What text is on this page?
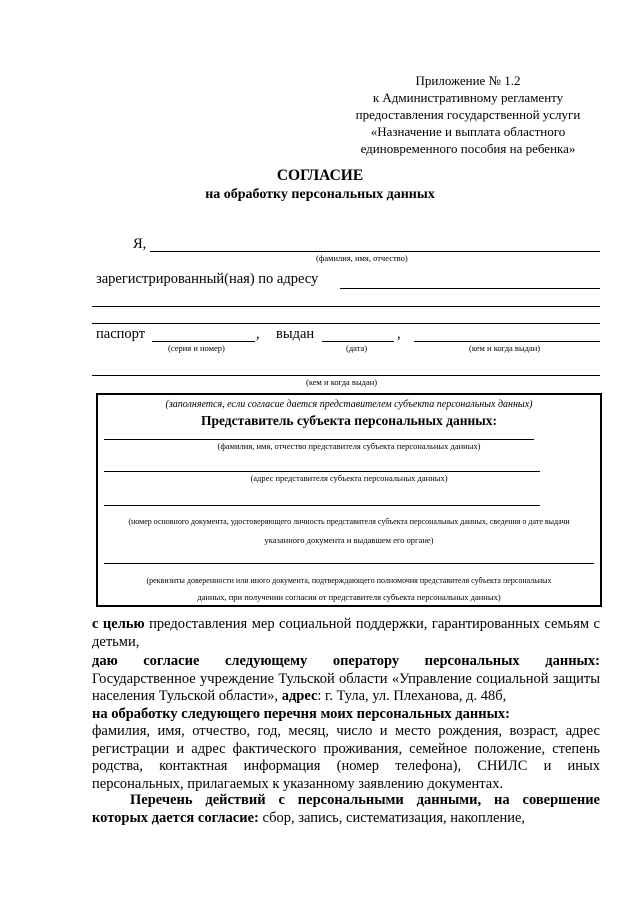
Приложение № 1.2
к Административному регламенту
предоставления государственной услуги
«Назначение и выплата областного
единовременного пособия на ребенка»
СОГЛАСИЕ
на обработку персональных данных
Я,
(фамилия, имя, отчество)
зарегистрированный(ная) по адресу
паспорт	, выдан	,
(серия и номер)	(дата)	(кем и когда выдан)
(кем и когда выдан)
(заполняется, если согласие дается представителем субъекта персональных данных)
Представитель субъекта персональных данных:
(фамилия, имя, отчество представителя субъекта персональных данных)
(адрес представителя субъекта персональных данных)
(номер основного документа, удостоверяющего личность представителя субъекта персональных данных, сведения о дате выдачи
указанного документа и выдавшем его органе)
(реквизиты доверенности или иного документа, подтверждающего полномочия представителя субъекта персональных
данных, при получении согласия от представителя субъекта персональных данных)
с целью предоставления мер социальной поддержки, гарантированных семьям с детьми,
даю согласие следующему оператору персональных данных:
Государственное учреждение Тульской области «Управление социальной защиты населения Тульской области», адрес: г. Тула, ул. Плеханова, д. 48б,
на обработку следующего перечня моих персональных данных:
фамилия, имя, отчество, год, месяц, число и место рождения, возраст, адрес регистрации и адрес фактического проживания, семейное положение, степень родства, контактная информация (номер телефона), СНИЛС и иных персональных, прилагаемых к указанному заявлению документах.
Перечень действий с персональными данными, на совершение которых дается согласие: сбор, запись, систематизация, накопление,
